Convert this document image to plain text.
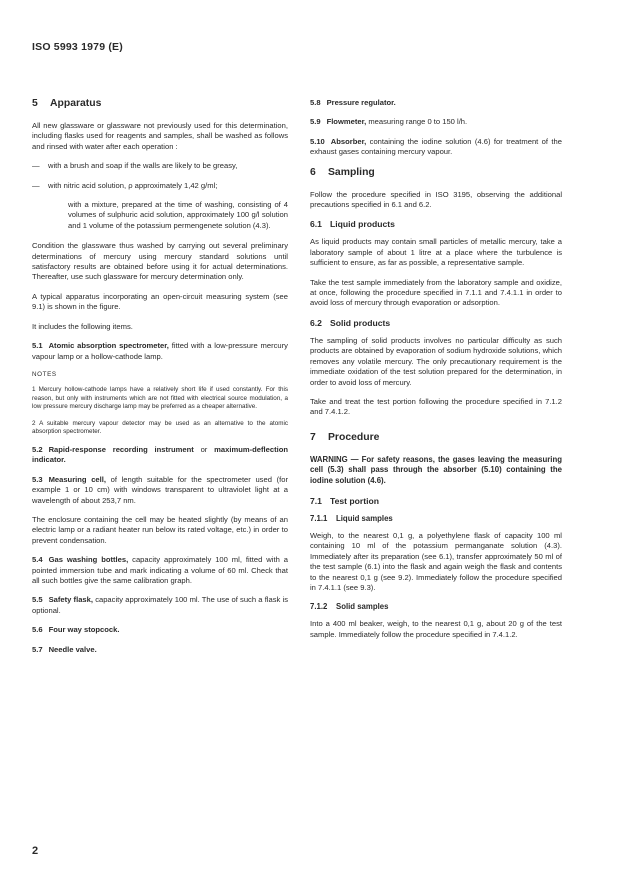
ISO 5993 1979 (E)
5 Apparatus

All new glassware or glassware not previously used for this determination, including flasks used for reagents and samples, shall be washed as follows and rinsed with water after each operation :

—	with a brush and soap if the walls are likely to be greasy,
—	with nitric acid solution, ρ approximately 1,42 g/ml;

with a mixture, prepared at the time of washing, consisting of 4 volumes of sulphuric acid solution, approximately 100 g/l solution and 1 volume of the potassium permengenete solution (4.3).

Condition the glassware thus washed by carrying out several preliminary determinations of mercury using mercury standard solutions until satisfactory results are obtained before using it for actual determinations. Thereafter, use such glassware for mercury determination only.

A typical apparatus incorporating an open-circuit measuring system (see 9.1) is shown in the figure.

It includes the following items.

5.1 Atomic absorption spectrometer, fitted with a low-pressure mercury vapour lamp or a hollow-cathode lamp.

NOTES

1 Mercury hollow-cathode lamps have a relatively short life if used constantly. For this reason, but only with instruments which are not fitted with electrical source modulation, a low pressure mercury discharge lamp may be preferred as a cheaper alternative.

2 A suitable mercury vapour detector may be used as an alternative to the atomic absorption spectrometer.

5.2 Rapid-response recording instrument or maximum-deflection indicator.

5.3 Measuring cell, of length suitable for the spectrometer used (for example 1 or 10 cm) with windows transparent to ultraviolet light at a wavelength of about 253,7 nm.

The enclosure containing the cell may be heated slightly (by means of an electric lamp or a radiant heater run below its rated voltage, etc.) in order to prevent condensation.

5.4 Gas washing bottles, capacity approximately 100 ml, fitted with a pointed immersion tube and mark indicating a volume of 60 ml. Check that all such bottles give the same calibration graph.

5.5 Safety flask, capacity approximately 100 ml. The use of such a flask is optional.

5.6 Four way stopcock.

5.7 Needle valve.

5.8 Pressure regulator.

5.9 Flowmeter, measuring range 0 to 150 l/h.

5.10 Absorber, containing the iodine solution (4.6) for treatment of the exhaust gases containing mercury vapour.

6 Sampling

Follow the procedure specified in ISO 3195, observing the additional precautions specified in 6.1 and 6.2.

6.1 Liquid products

As liquid products may contain small particles of metallic mercury, take a laboratory sample of about 1 litre at a place where the turbulence is sufficient to ensure, as far as possible, a representative sample.

Take the test sample immediately from the laboratory sample and oxidize, at once, following the procedure specified in 7.1.1 and 7.4.1.1 in order to avoid loss of mercury through evaporation or adsorption.

6.2 Solid products

The sampling of solid products involves no particular difficulty as such products are obtained by evaporation of sodium hydroxide solutions, which removes any volatile mercury. The only precautionary requirement is the immediate oxidation of the test solution prepared for the determination, in order to avoid loss of mercury.

Take and treat the test portion following the procedure specified in 7.1.2 and 7.4.1.2.

7 Procedure

WARNING — For safety reasons, the gases leaving the measuring cell (5.3) shall pass through the absorber (5.10) containing the iodine solution (4.6).

7.1 Test portion
7.1.1 Liquid samples

Weigh, to the nearest 0,1 g, a polyethylene flask of capacity 100 ml containing 10 ml of the potassium permanganate solution (4.3). Immediately after its preparation (see 6.1), transfer approximately 50 ml of the test sample (6.1) into the flask and again weigh the flask and contents to the nearest 0,1 g (see 9.2). Immediately follow the procedure specified in 7.4.1.1 (see 9.3).

7.1.2 Solid samples

Into a 400 ml beaker, weigh, to the nearest 0,1 g, about 20 g of the test sample. Immediately follow the procedure specified in 7.4.1.2.

2
